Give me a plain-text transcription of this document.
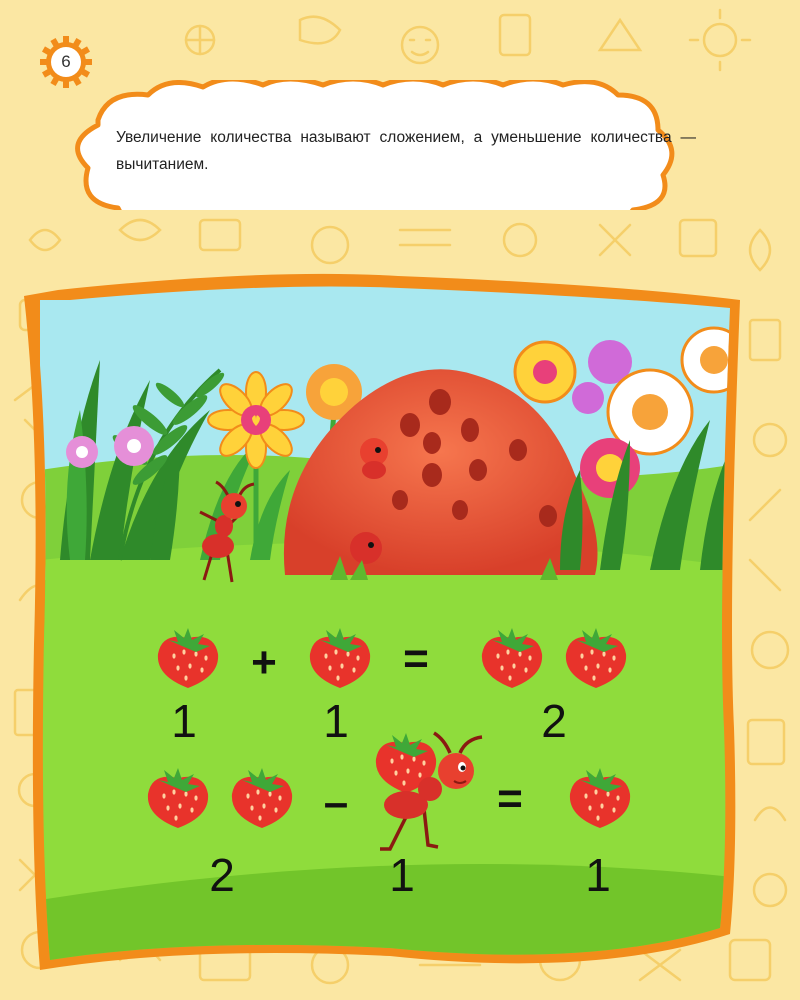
6
Увеличение количества называют сложением, а уменьшение количества — вычитанием.
1
+
1
=
2
2
–
1
=
1
